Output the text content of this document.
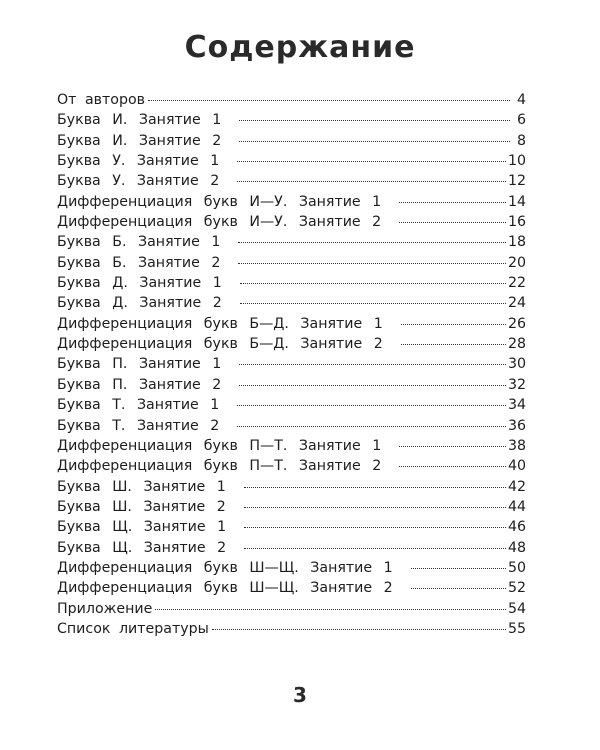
Содержание
От авторов	4
Буква И. Занятие 1	6
Буква И. Занятие 2	8
Буква У. Занятие 1	10
Буква У. Занятие 2	12
Дифференциация букв И—У. Занятие 1	14
Дифференциация букв И—У. Занятие 2	16
Буква Б. Занятие 1	18
Буква Б. Занятие 2	20
Буква Д. Занятие 1	22
Буква Д. Занятие 2	24
Дифференциация букв Б—Д. Занятие 1	26
Дифференциация букв Б—Д. Занятие 2	28
Буква П. Занятие 1	30
Буква П. Занятие 2	32
Буква Т. Занятие 1	34
Буква Т. Занятие 2	36
Дифференциация букв П—Т. Занятие 1	38
Дифференциация букв П—Т. Занятие 2	40
Буква Ш. Занятие 1	42
Буква Ш. Занятие 2	44
Буква Щ. Занятие 1	46
Буква Щ. Занятие 2	48
Дифференциация букв Ш—Щ. Занятие 1	50
Дифференциация букв Ш—Щ. Занятие 2	52
Приложение	54
Список литературы	55
3
